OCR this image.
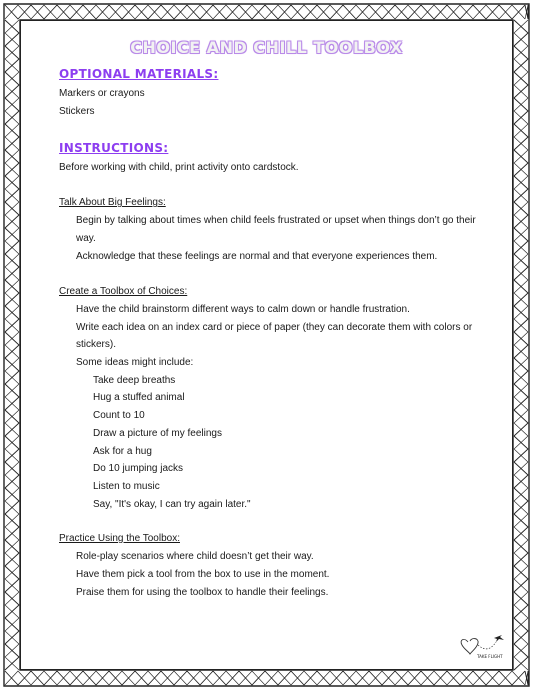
CHOICE AND CHILL TOOLBOX
OPTIONAL MATERIALS:
Markers or crayons
Stickers
INSTRUCTIONS:
Before working with child, print activity onto cardstock.
Talk About Big Feelings:
Begin by talking about times when child feels frustrated or upset when things don’t go their
way.
Acknowledge that these feelings are normal and that everyone experiences them.
Create a Toolbox of Choices:
Have the child brainstorm different ways to calm down or handle frustration.
Write each idea on an index card or piece of paper (they can decorate them with colors or
stickers).
Some ideas might include:
Take deep breaths
Hug a stuffed animal
Count to 10
Draw a picture of my feelings
Ask for a hug
Do 10 jumping jacks
Listen to music
Say, "It's okay, I can try again later."
Practice Using the Toolbox:
Role-play scenarios where child doesn’t get their way.
Have them pick a tool from the box to use in the moment.
Praise them for using the toolbox to handle their feelings.
TAKE FLIGHT
